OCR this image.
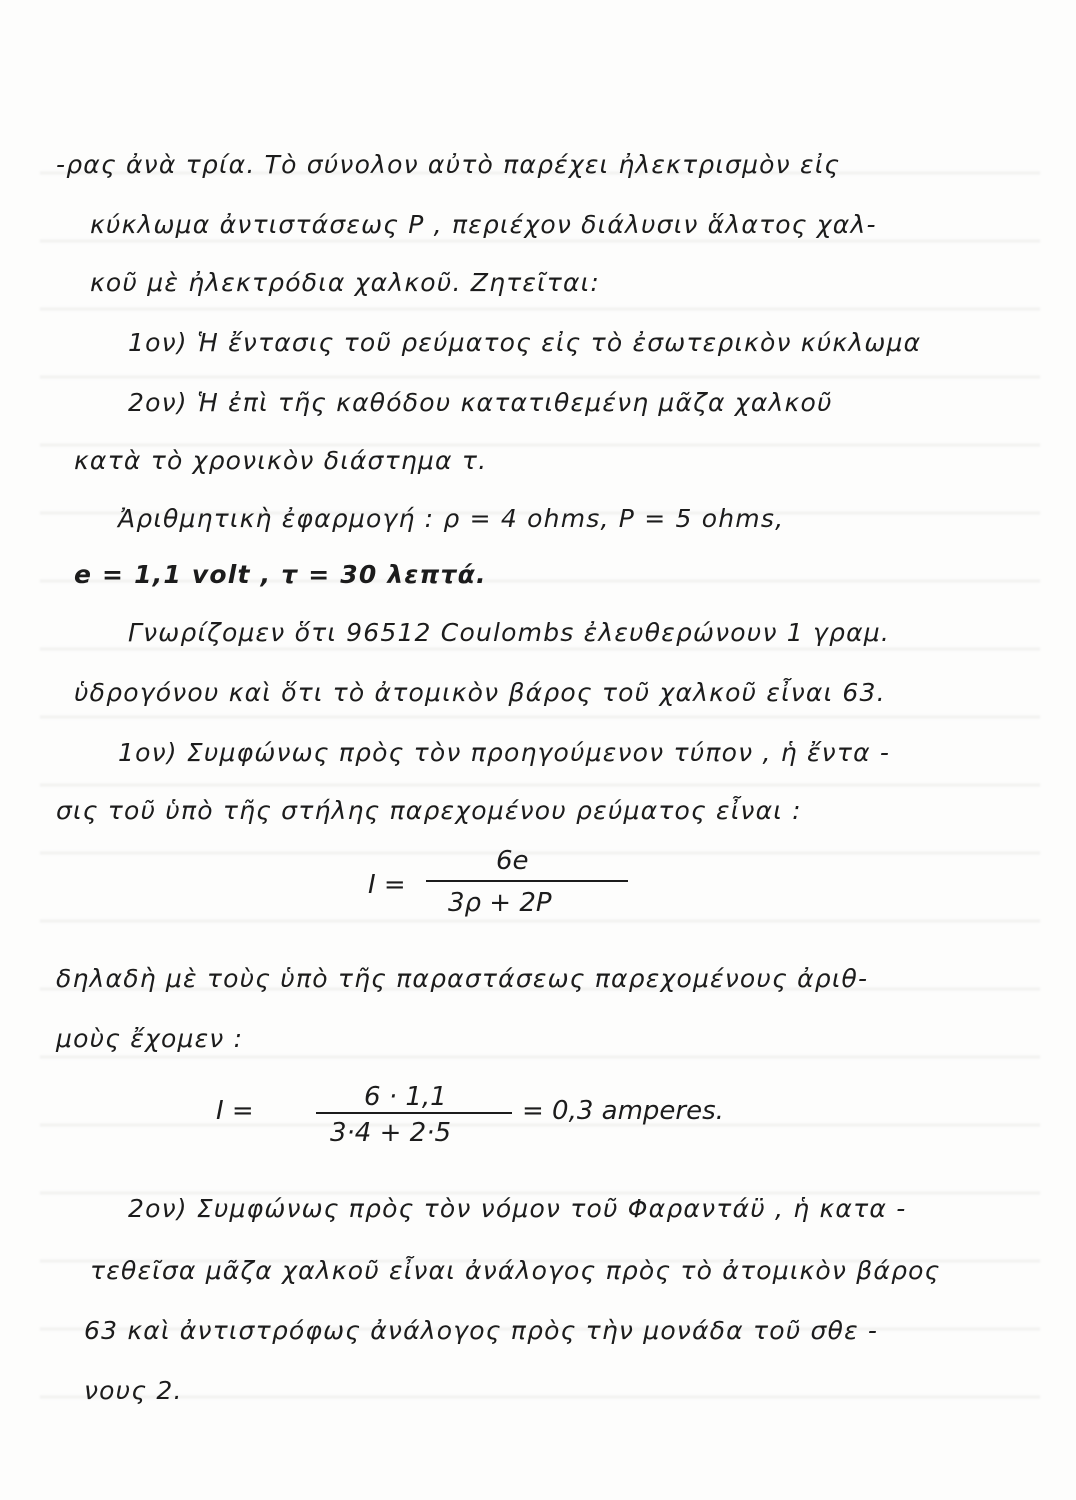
-ρας ἀνὰ τρία. Τὸ σύνολον αὐτὸ παρέχει ἠλεκτρισμὸν εἰς
κύκλωμα ἀντιστάσεως P , περιέχον διάλυσιν ἅλατος χαλ-
κοῦ μὲ ἠλεκτρόδια χαλκοῦ. Ζητεῖται:
1ον) Ἡ ἔντασις τοῦ ρεύματος εἰς τὸ ἐσωτερικὸν κύκλωμα
2ον) Ἡ ἐπὶ τῆς καθόδου κατατιθεμένη μᾶζα χαλκοῦ
κατὰ τὸ χρονικὸν διάστημα τ.
Ἀριθμητικὴ ἐφαρμογή : ρ = 4 ohms, P = 5 ohms,
e = 1,1 volt , τ = 30 λεπτά.
Γνωρίζομεν ὅτι 96512 Coulombs ἐλευθερώνουν 1 γραμ.
ὑδρογόνου καὶ ὅτι τὸ ἀτομικὸν βάρος τοῦ χαλκοῦ εἶναι 63.
1ον) Συμφώνως πρὸς τὸν προηγούμενον τύπον , ἡ ἔντα -
σις τοῦ ὑπὸ τῆς στήλης παρεχομένου ρεύματος εἶναι :
I =
6e
3ρ + 2P
δηλαδὴ μὲ τοὺς ὑπὸ τῆς παραστάσεως παρεχομένους ἀριθ-
μοὺς ἔχομεν :
I =	6 · 1,1
3·4 + 2·5
= 0,3 amperes.
2ον) Συμφώνως πρὸς τὸν νόμον τοῦ Φαραντάϋ , ἡ κατα -
τεθεῖσα μᾶζα χαλκοῦ εἶναι ἀνάλογος πρὸς τὸ ἀτομικὸν βάρος
63 καὶ ἀντιστρόφως ἀνάλογος πρὸς τὴν μονάδα τοῦ σθε -
νους 2.
